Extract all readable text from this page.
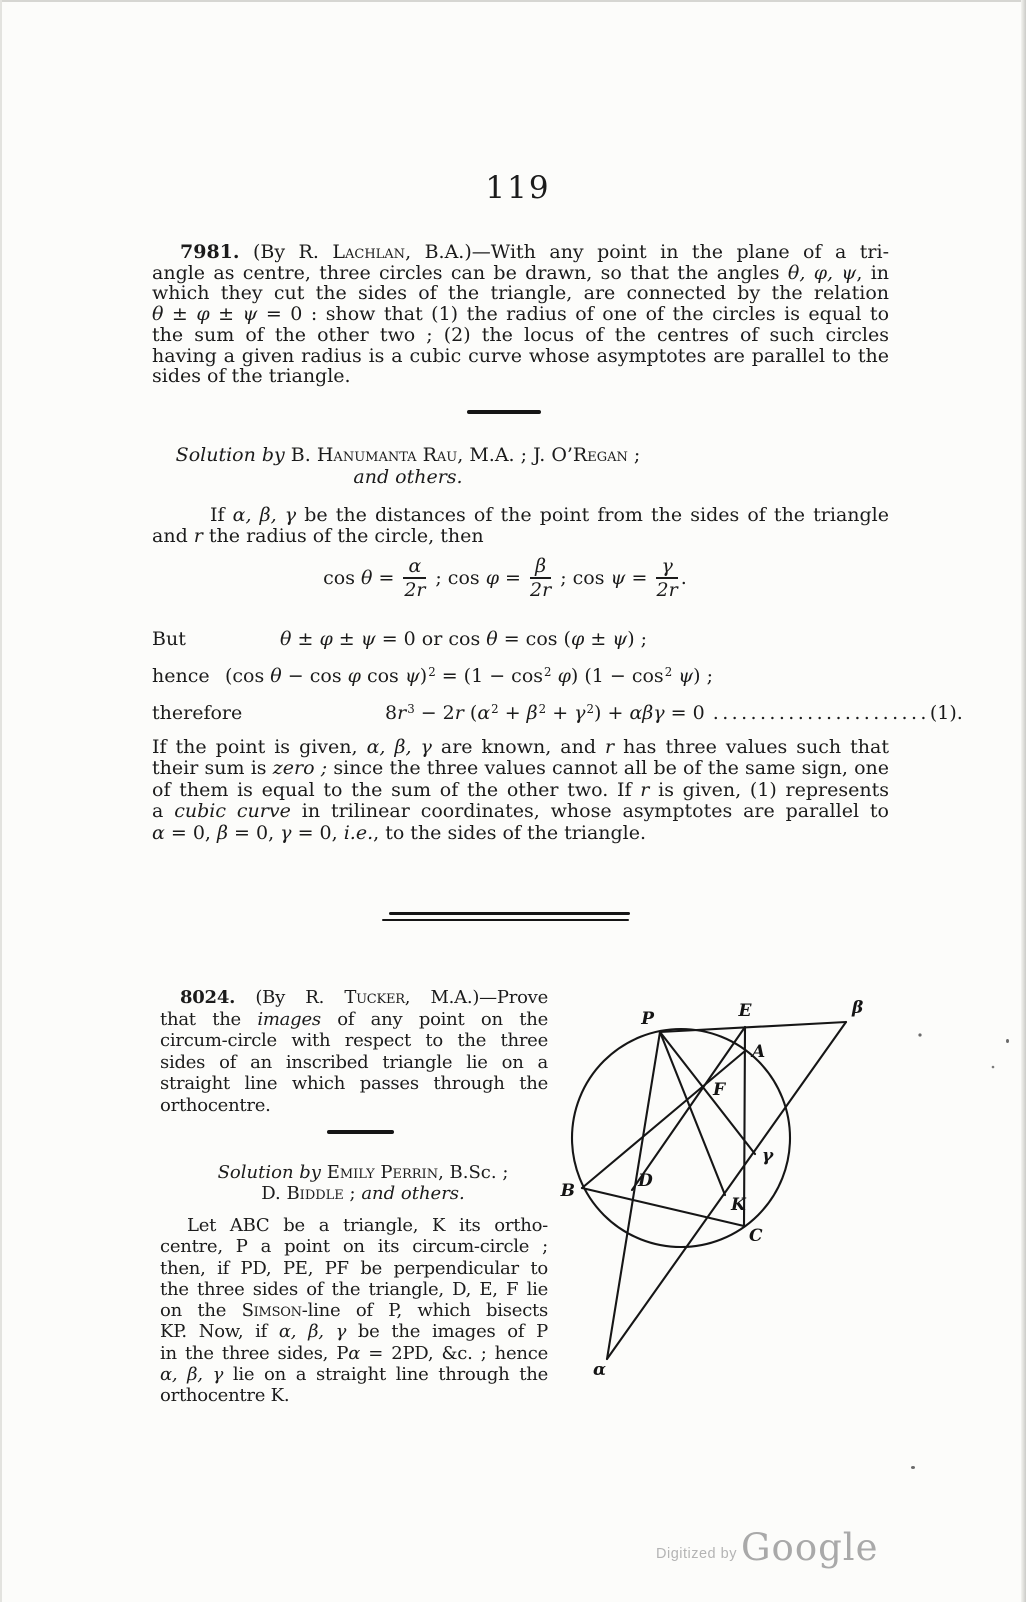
119
7981. (By R. Lachlan, B.A.)—With any point in the plane of a tri-
angle as centre, three circles can be drawn, so that the angles θ, φ, ψ, in
which they cut the sides of the triangle, are connected by the relation
θ ± φ ± ψ = 0 : show that (1) the radius of one of the circles is equal to
the sum of the other two ; (2) the locus of the centres of such circles
having a given radius is a cubic curve whose asymptotes are parallel to the
sides of the triangle.
Solution by B. Hanumanta Rau, M.A. ; J. O’Regan ;
and others.
If α, β, γ be the distances of the point from the sides of the triangle
and r the radius of the circle, then
$\cos \theta = \frac{\alpha}{2r}$ ; $\cos \varphi = \frac{\beta}{2r}$ ; $\cos \psi = \frac{\gamma}{2r}$ .
But	θ ± φ ± ψ = 0 or cos θ = cos (φ ± ψ) ;
hence (cos θ − cos φ $\cos \psi)^2 = (1 - \cos^2 \varphi)$ $(1 - \cos^2 \psi)$ ;
therefore	$8r^3 - 2r$ $(\alpha^2 + \beta^2 + \gamma^2) + \alpha\beta\gamma = 0$ .......................(1).
If the point is given, α, β, γ are known, and r has three values such that
their sum is zero ; since the three values cannot all be of the same sign, one
of them is equal to the sum of the other two. If r is given, (1) represents
a cubic curve in trilinear coordinates, whose asymptotes are parallel to
α = 0, β = 0, γ = 0, i.e., to the sides of the triangle.
8024. (By R. Tucker, M.A.)—Prove
that the images of any point on the
circum-circle with respect to the three
sides of an inscribed triangle lie on a
straight line which passes through the
orthocentre.
Solution by Emily Perrin, B.Sc. ;
D. Biddle ; and others.
Let ABC be a triangle, K its ortho-
centre, P a point on its circum-circle ;
then, if PD, PE, PF be perpendicular to
the three sides of the triangle, D, E, F lie
on the Simson-line of P, which bisects
KP. Now, if α, β, γ be the images of P
in the three sides, Pα = 2PD, &c. ; hence
α, β, γ lie on a straight line through the
orthocentre K.
P	E	β
A
F
γ
B	D
K
C
α
Digitized by Google
